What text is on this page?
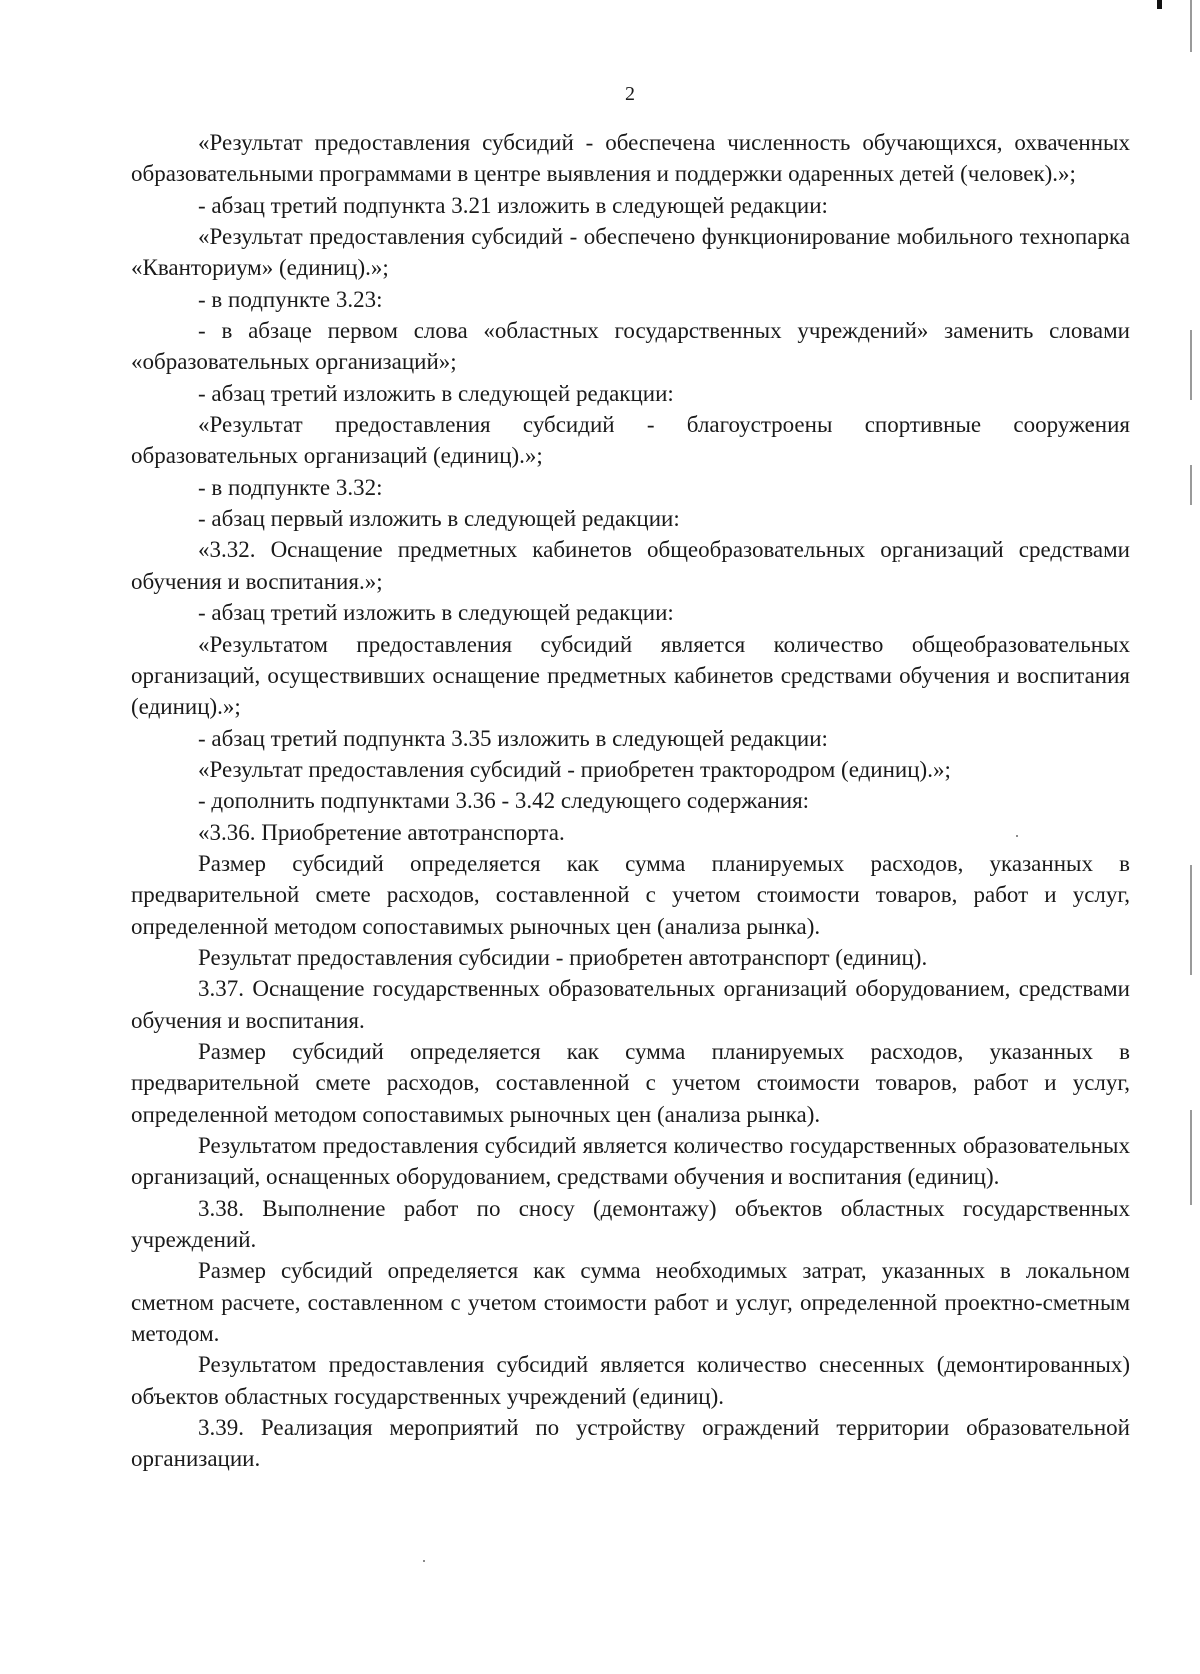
2

«Результат предоставления субсидий - обеспечена численность обучающихся, охваченных образовательными программами в центре выявления и поддержки одаренных детей (человек).»;

- абзац третий подпункта 3.21 изложить в следующей редакции:

«Результат предоставления субсидий - обеспечено функционирование мобильного технопарка «Кванториум» (единиц).»;

- в подпункте 3.23:

- в абзаце первом слова «областных государственных учреждений» заменить словами «образовательных организаций»;

- абзац третий изложить в следующей редакции:

«Результат предоставления субсидий - благоустроены спортивные сооружения образовательных организаций (единиц).»;

- в подпункте 3.32:

- абзац первый изложить в следующей редакции:

«3.32. Оснащение предметных кабинетов общеобразовательных организаций средствами обучения и воспитания.»;

- абзац третий изложить в следующей редакции:

«Результатом предоставления субсидий является количество общеобразовательных организаций, осуществивших оснащение предметных кабинетов средствами обучения и воспитания (единиц).»;

- абзац третий подпункта 3.35 изложить в следующей редакции:

«Результат предоставления субсидий - приобретен трактородром (единиц).»;

- дополнить подпунктами 3.36 - 3.42 следующего содержания:

«3.36. Приобретение автотранспорта.

Размер субсидий определяется как сумма планируемых расходов, указанных в предварительной смете расходов, составленной с учетом стоимости товаров, работ и услуг, определенной методом сопоставимых рыночных цен (анализа рынка).

Результат предоставления субсидии - приобретен автотранспорт (единиц).

3.37. Оснащение государственных образовательных организаций оборудованием, средствами обучения и воспитания.

Размер субсидий определяется как сумма планируемых расходов, указанных в предварительной смете расходов, составленной с учетом стоимости товаров, работ и услуг, определенной методом сопоставимых рыночных цен (анализа рынка).

Результатом предоставления субсидий является количество государственных образовательных организаций, оснащенных оборудованием, средствами обучения и воспитания (единиц).

3.38. Выполнение работ по сносу (демонтажу) объектов областных государственных учреждений.

Размер субсидий определяется как сумма необходимых затрат, указанных в локальном сметном расчете, составленном с учетом стоимости работ и услуг, определенной проектно-сметным методом.

Результатом предоставления субсидий является количество снесенных (демонтированных) объектов областных государственных учреждений (единиц).

3.39. Реализация мероприятий по устройству ограждений территории образовательной организации.
